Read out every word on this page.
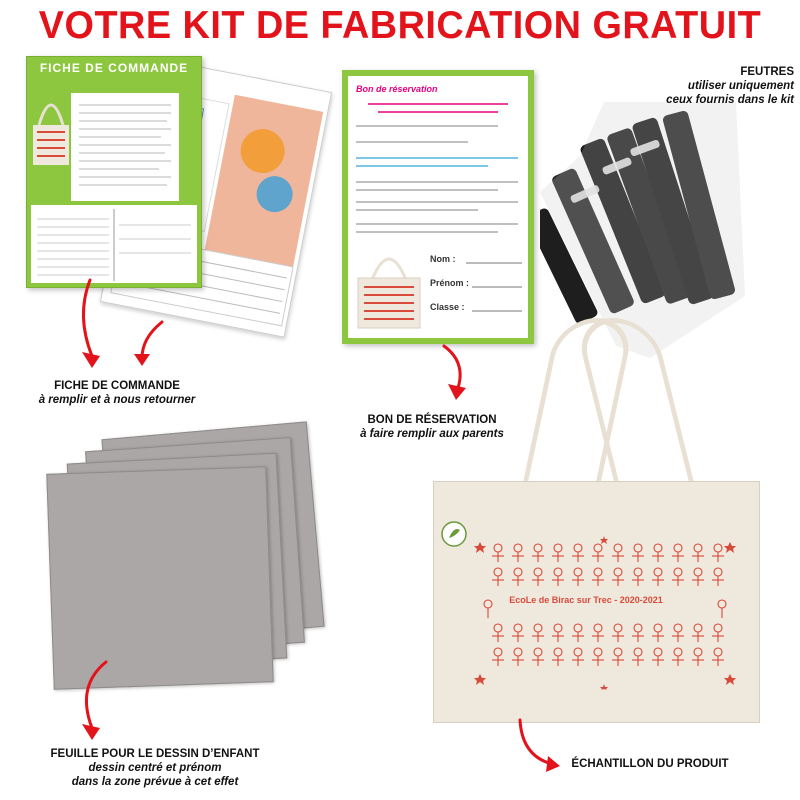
VOTRE KIT DE FABRICATION GRATUIT
FICHE DE COMMANDE
FICHE DE COMMANDE
à remplir et à nous retourner
Bon de réservation
Nom :
Prénom :
Classe :
BON DE RÉSERVATION
à faire remplir aux parents
FEUTRES
utiliser uniquement
ceux fournis dans le kit
FEUILLE POUR LE DESSIN D’ENFANT
dessin centré et prénom
dans la zone prévue à cet effet
EcoLe de Birac sur Trec - 2020-2021
ÉCHANTILLON DU PRODUIT
